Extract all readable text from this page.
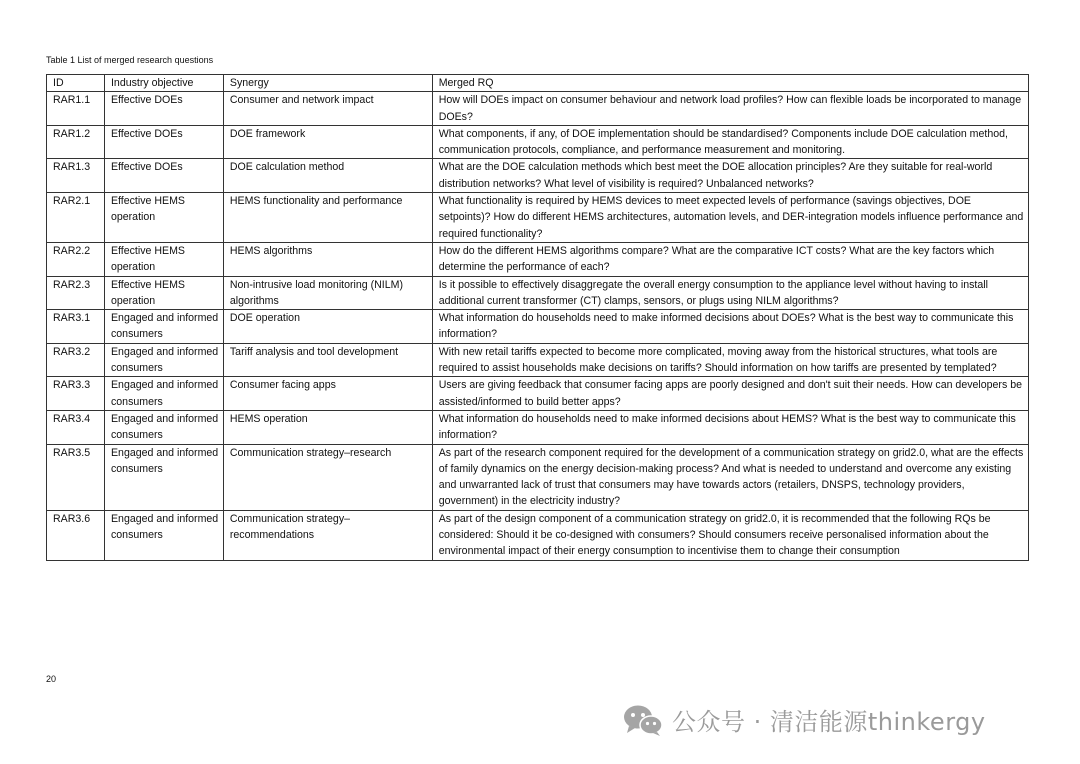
Table 1 List of merged research questions
ID	Industry objective	Synergy	Merged RQ
RAR1.1	Effective DOEs	Consumer and network impact	How will DOEs impact on consumer behaviour and network load profiles? How can flexible loads be incorporated to manage DOEs?
RAR1.2	Effective DOEs	DOE framework	What components, if any, of DOE implementation should be standardised? Components include DOE calculation method, communication protocols, compliance, and performance measurement and monitoring.
RAR1.3	Effective DOEs	DOE calculation method	What are the DOE calculation methods which best meet the DOE allocation principles? Are they suitable for real-world distribution networks? What level of visibility is required? Unbalanced networks?
RAR2.1	Effective HEMS operation	HEMS functionality and performance	What functionality is required by HEMS devices to meet expected levels of performance (savings objectives, DOE setpoints)? How do different HEMS architectures, automation levels, and DER-integration models influence performance and required functionality?
RAR2.2	Effective HEMS operation	HEMS algorithms	How do the different HEMS algorithms compare? What are the comparative ICT costs? What are the key factors which determine the performance of each?
RAR2.3	Effective HEMS operation	Non-intrusive load monitoring (NILM) algorithms	Is it possible to effectively disaggregate the overall energy consumption to the appliance level without having to install additional current transformer (CT) clamps, sensors, or plugs using NILM algorithms?
RAR3.1	Engaged and informed consumers	DOE operation	What information do households need to make informed decisions about DOEs? What is the best way to communicate this information?
RAR3.2	Engaged and informed consumers	Tariff analysis and tool development	With new retail tariffs expected to become more complicated, moving away from the historical structures, what tools are required to assist households make decisions on tariffs? Should information on how tariffs are presented by templated?
RAR3.3	Engaged and informed consumers	Consumer facing apps	Users are giving feedback that consumer facing apps are poorly designed and don't suit their needs. How can developers be assisted/informed to build better apps?
RAR3.4	Engaged and informed consumers	HEMS operation	What information do households need to make informed decisions about HEMS? What is the best way to communicate this information?
RAR3.5	Engaged and informed consumers	Communication strategy–research	As part of the research component required for the development of a communication strategy on grid2.0, what are the effects of family dynamics on the energy decision-making process? And what is needed to understand and overcome any existing and unwarranted lack of trust that consumers may have towards actors (retailers, DNSPS, technology providers, government) in the electricity industry?
RAR3.6	Engaged and informed consumers	Communication strategy–recommendations	As part of the design component of a communication strategy on grid2.0, it is recommended that the following RQs be considered: Should it be co-designed with consumers? Should consumers receive personalised information about the environmental impact of their energy consumption to incentivise them to change their consumption
20
公众号 · 清洁能源thinkergy
